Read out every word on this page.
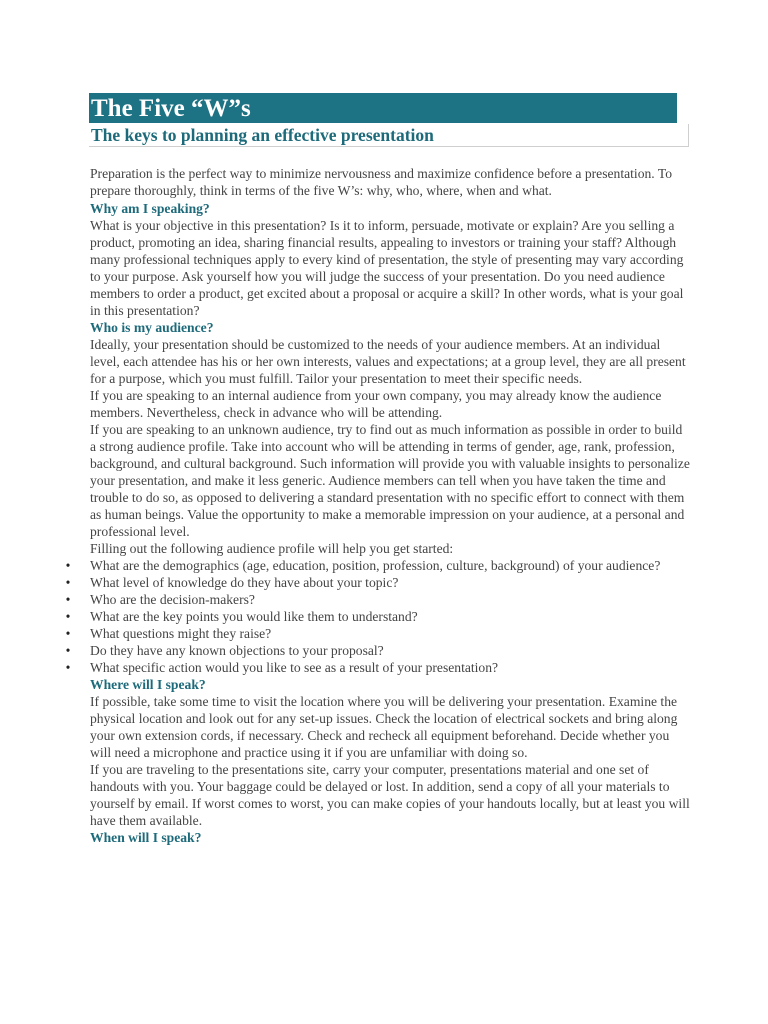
The Five “W”s
The keys to planning an effective presentation

Preparation is the perfect way to minimize nervousness and maximize confidence before a presentation. To prepare thoroughly, think in terms of the five W’s: why, who, where, when and what.

Why am I speaking?

What is your objective in this presentation? Is it to inform, persuade, motivate or explain? Are you selling a product, promoting an idea, sharing financial results, appealing to investors or training your staff? Although many professional techniques apply to every kind of presentation, the style of presenting may vary according to your purpose. Ask yourself how you will judge the success of your presentation. Do you need audience members to order a product, get excited about a proposal or acquire a skill? In other words, what is your goal in this presentation?

Who is my audience?

Ideally, your presentation should be customized to the needs of your audience members. At an individual level, each attendee has his or her own interests, values and expectations; at a group level, they are all present for a purpose, which you must fulfill. Tailor your presentation to meet their specific needs.

If you are speaking to an internal audience from your own company, you may already know the audience members. Nevertheless, check in advance who will be attending.

If you are speaking to an unknown audience, try to find out as much information as possible in order to build a strong audience profile. Take into account who will be attending in terms of gender, age, rank, profession, background, and cultural background. Such information will provide you with valuable insights to personalize your presentation, and make it less generic. Audience members can tell when you have taken the time and trouble to do so, as opposed to delivering a standard presentation with no specific effort to connect with them as human beings. Value the opportunity to make a memorable impression on your audience, at a personal and professional level.

Filling out the following audience profile will help you get started:

• What are the demographics (age, education, position, profession, culture, background) of your audience?
• What level of knowledge do they have about your topic?
• Who are the decision-makers?
• What are the key points you would like them to understand?
• What questions might they raise?
• Do they have any known objections to your proposal?
• What specific action would you like to see as a result of your presentation?
Where will I speak?

If possible, take some time to visit the location where you will be delivering your presentation. Examine the physical location and look out for any set-up issues. Check the location of electrical sockets and bring along your own extension cords, if necessary. Check and recheck all equipment beforehand. Decide whether you will need a microphone and practice using it if you are unfamiliar with doing so.

If you are traveling to the presentations site, carry your computer, presentations material and one set of handouts with you. Your baggage could be delayed or lost. In addition, send a copy of all your materials to yourself by email. If worst comes to worst, you can make copies of your handouts locally, but at least you will have them available.

When will I speak?
